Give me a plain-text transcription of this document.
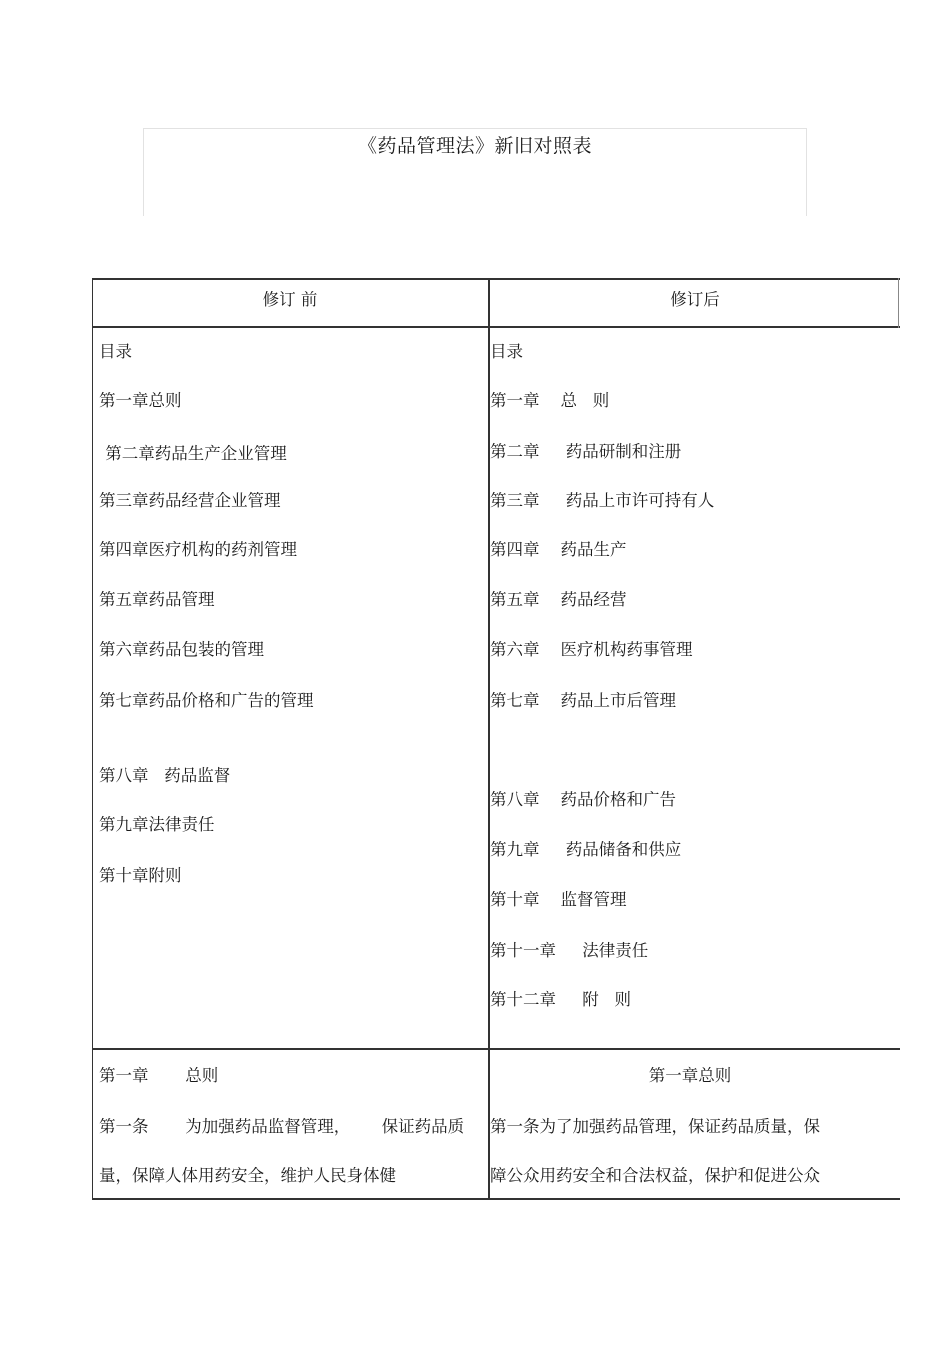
《药品管理法》新旧对照表
修订 前	修订后
目录
第一章总则
第二章药品生产企业管理
第三章药品经营企业管理
第四章医疗机构的药剂管理
第五章药品管理
第六章药品包装的管理
第七章药品价格和广告的管理
第八章   药品监督
第九章法律责任
第十章附则
目录
第一章    总   则
第二章     药品研制和注册
第三章     药品上市许可持有人
第四章    药品生产
第五章    药品经营
第六章    医疗机构药事管理
第七章    药品上市后管理
第八章    药品价格和广告
第九章     药品储备和供应
第十章    监督管理
第十一章     法律责任
第十二章     附   则
第一章       总则
第一条       为加强药品监督管理，      保证药品质
量，保障人体用药安全，维护人民身体健
第一章总则
第一条为了加强药品管理，保证药品质量，保
障公众用药安全和合法权益，保护和促进公众
